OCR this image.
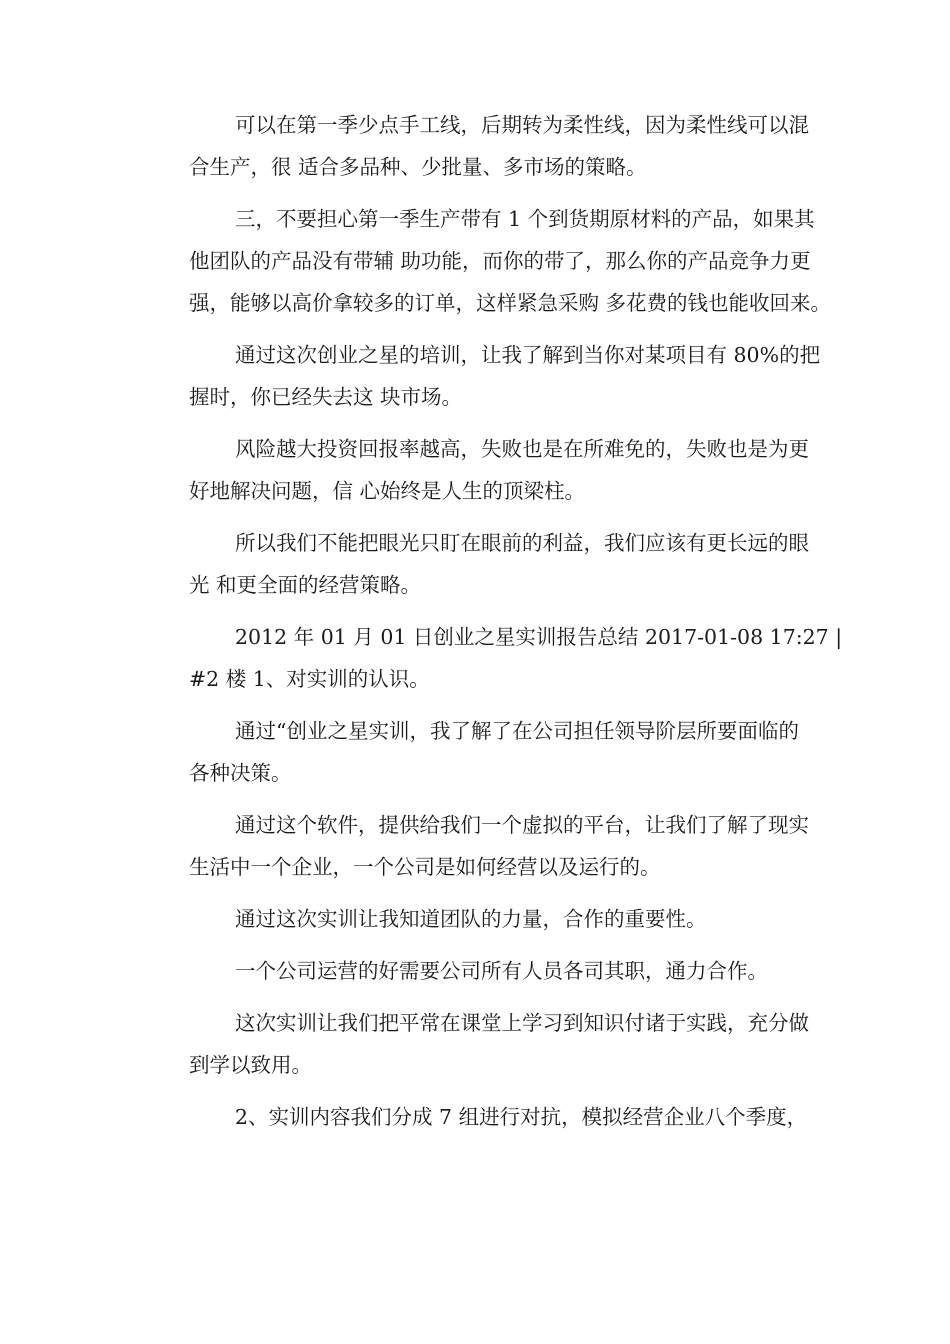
可以在第一季少点手工线，后期转为柔性线，因为柔性线可以混
合生产，很 适合多品种、少批量、多市场的策略。

三，不要担心第一季生产带有 1 个到货期原材料的产品，如果其
他团队的产品没有带辅 助功能，而你的带了，那么你的产品竞争力更
强，能够以高价拿较多的订单，这样紧急采购 多花费的钱也能收回来。

通过这次创业之星的培训，让我了解到当你对某项目有 80%的把
握时，你已经失去这 块市场。

风险越大投资回报率越高，失败也是在所难免的，失败也是为更
好地解决问题，信 心始终是人生的顶梁柱。

所以我们不能把眼光只盯在眼前的利益，我们应该有更长远的眼
光 和更全面的经营策略。

2012 年 01 月 01 日创业之星实训报告总结 2017-01-08 17:27 |
#2 楼 1、对实训的认识。

通过“创业之星实训，我了解了在公司担任领导阶层所要面临的
各种决策。

通过这个软件，提供给我们一个虚拟的平台，让我们了解了现实
生活中一个企业，一个公司是如何经营以及运行的。

通过这次实训让我知道团队的力量，合作的重要性。

一个公司运营的好需要公司所有人员各司其职，通力合作。

这次实训让我们把平常在课堂上学习到知识付诸于实践，充分做
到学以致用。

2、实训内容我们分成 7 组进行对抗，模拟经营企业八个季度，
